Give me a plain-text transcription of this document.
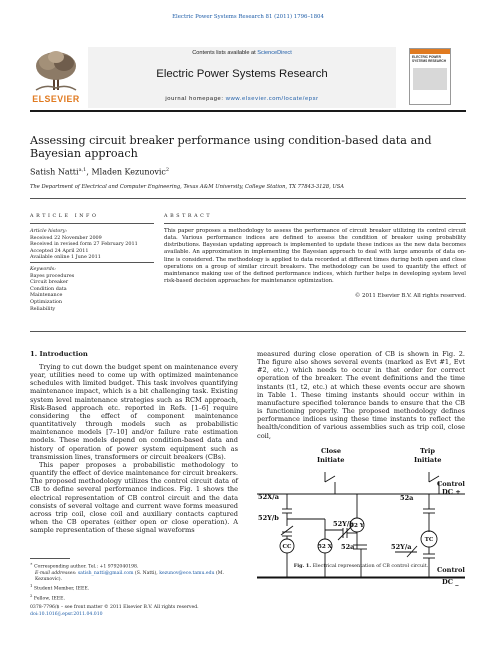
Electric Power Systems Research 81 (2011) 1796–1804
ELSEVIER
Contents lists available at ScienceDirect
Electric Power Systems Research
journal homepage: www.elsevier.com/locate/epsr
ELECTRIC POWER SYSTEMS RESEARCH
Assessing circuit breaker performance using condition-based data and Bayesian approach
Satish Natti$^{a,1}$, Mladen Kezunovic$^2$
The Department of Electrical and Computer Engineering, Texas A&M University, College Station, TX 77843-3128, USA
ARTICLE INFO
Article history:
Received 22 November 2009
Received in revised form 27 February 2011
Accepted 24 April 2011
Available online 1 June 2011
Keywords:
Bayes procedures
Circuit breaker
Condition data
Maintenance
Optimization
Reliability
ABSTRACT
This paper proposes a methodology to assess the performance of circuit breaker utilizing its control circuit data. Various performance indices are defined to assess the condition of breaker using probability distributions. Bayesian updating approach is implemented to update these indices as the new data becomes available. An approximation in implementing the Bayesian approach to deal with large amounts of data on-line is considered. The methodology is applied to data recorded at different times during both open and close operations on a group of similar circuit breakers. The methodology can be used to quantify the effect of maintenance making use of the defined performance indices, which further helps in developing system level risk-based decision approaches for maintenance optimization.
© 2011 Elsevier B.V. All rights reserved.
1. Introduction

Trying to cut down the budget spent on maintenance every year, utilities need to come up with optimized maintenance schedules with limited budget. This task involves quantifying maintenance impact, which is a bit challenging task. Existing system level maintenance strategies such as RCM approach, Risk-Based approach etc. reported in Refs. [1–6] require considering the effect of component maintenance quantitatively through models such as probabilistic maintenance models [7–10] and/or failure rate estimation models. These models depend on condition-based data and history of operation of power system equipment such as transmission lines, transformers or circuit breakers (CBs).

This paper proposes a probabilistic methodology to quantify the effect of device maintenance for circuit breakers. The proposed methodology utilizes the control circuit data of CB to define several performance indices. Fig. 1 shows the electrical representation of CB control circuit and the data consists of several voltage and current wave forms measured across trip coil, close coil and auxiliary contacts captured when the CB operates (either open or close operation). A sample representation of these signal waveforms

∗ Corresponding author. Tel.: +1 9792040198.
E-mail addresses: satish_natti@gmail.com (S. Natti), kezunov@ece.tamu.edu (M. Kezunovic).
$^1$ Student Member, IEEE.
$^2$ Fellow, IEEE.
0378-7796/$ – see front matter © 2011 Elsevier B.V. All rights reserved.
doi:10.1016/j.epsr.2011.04.010
measured during close operation of CB is shown in Fig. 2. The figure also shows several events (marked as Evt #1, Evt #2, etc.) which needs to occur in that order for correct operation of the breaker. The event definitions and the time instants (t1, t2, etc.) at which these events occur are shown in Table 1. These timing instants should occur within in manufacture specified tolerance bands to ensure that the CB is functioning properly. The proposed methodology defines performance indices using these time instants to reflect the health/condition of various assemblies such as trip coil, close coil,
Close
Initiate
Trip
Initiate
Control
DC +
Control
DC _
52X/a
52Y/b
52Y/b
52a
52a	52Y/a
CC	52 X
52 Y
TC
Fig. 1. Electrical representation of CB control circuit.
